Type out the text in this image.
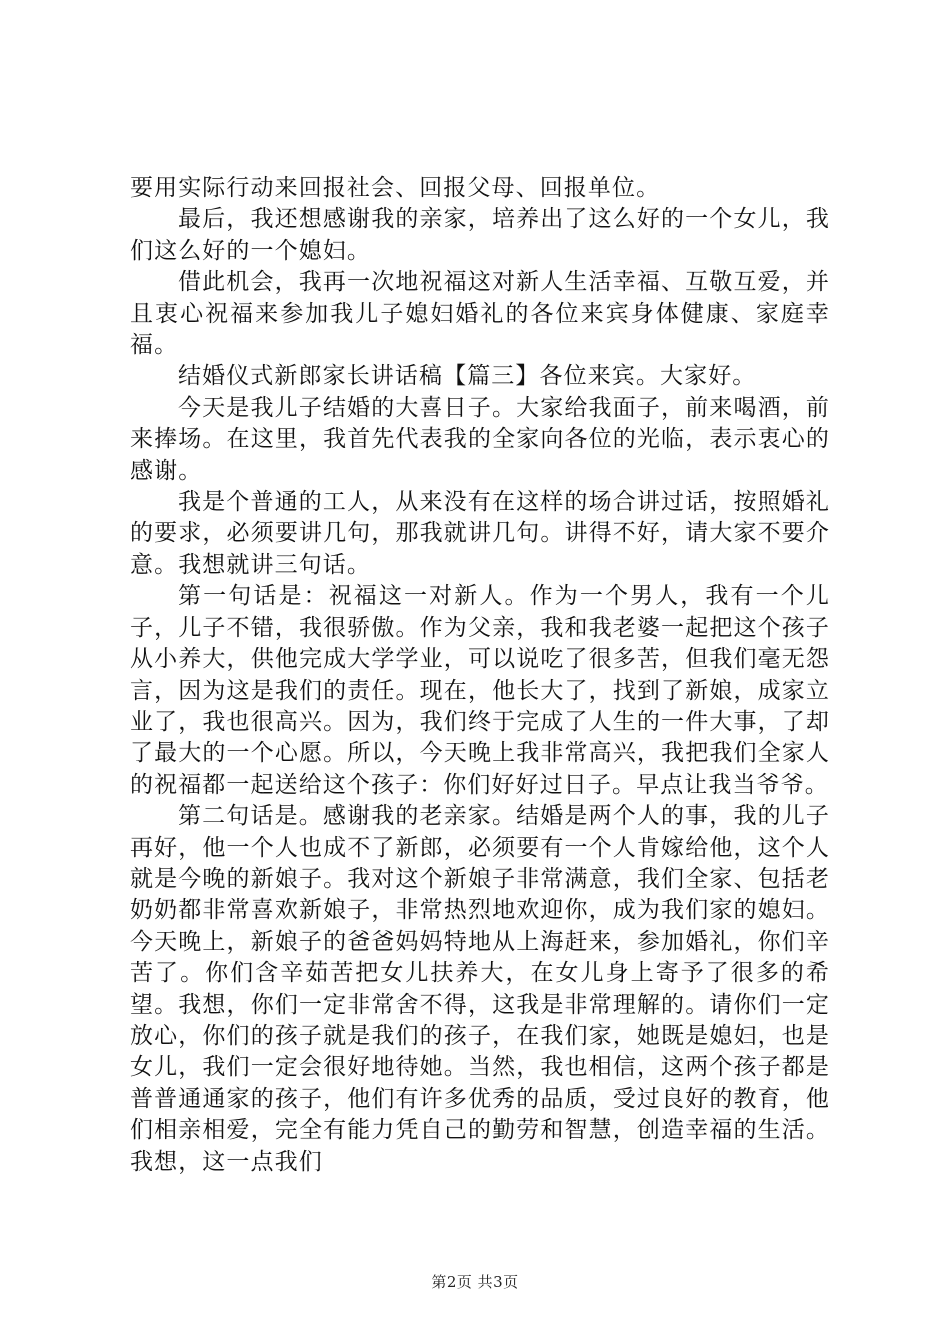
要用实际行动来回报社会、回报父母、回报单位。

最后，我还想感谢我的亲家，培养出了这么好的一个女儿，我们这么好的一个媳妇。

借此机会，我再一次地祝福这对新人生活幸福、互敬互爱，并且衷心祝福来参加我儿子媳妇婚礼的各位来宾身体健康、家庭幸福。

结婚仪式新郎家长讲话稿【篇三】各位来宾。大家好。

今天是我儿子结婚的大喜日子。大家给我面子，前来喝酒，前来捧场。在这里，我首先代表我的全家向各位的光临，表示衷心的感谢。

我是个普通的工人，从来没有在这样的场合讲过话，按照婚礼的要求，必须要讲几句，那我就讲几句。讲得不好，请大家不要介意。我想就讲三句话。

第一句话是：祝福这一对新人。作为一个男人，我有一个儿子，儿子不错，我很骄傲。作为父亲，我和我老婆一起把这个孩子从小养大，供他完成大学学业，可以说吃了很多苦，但我们毫无怨言，因为这是我们的责任。现在，他长大了，找到了新娘，成家立业了，我也很高兴。因为，我们终于完成了人生的一件大事，了却了最大的一个心愿。所以，今天晚上我非常高兴，我把我们全家人的祝福都一起送给这个孩子：你们好好过日子。早点让我当爷爷。

第二句话是。感谢我的老亲家。结婚是两个人的事，我的儿子再好，他一个人也成不了新郎，必须要有一个人肯嫁给他，这个人就是今晚的新娘子。我对这个新娘子非常满意，我们全家、包括老奶奶都非常喜欢新娘子，非常热烈地欢迎你，成为我们家的媳妇。今天晚上，新娘子的爸爸妈妈特地从上海赶来，参加婚礼，你们辛苦了。你们含辛茹苦把女儿扶养大，在女儿身上寄予了很多的希望。我想，你们一定非常舍不得，这我是非常理解的。请你们一定放心，你们的孩子就是我们的孩子，在我们家，她既是媳妇，也是女儿，我们一定会很好地待她。当然，我也相信，这两个孩子都是普普通通家的孩子，他们有许多优秀的品质，受过良好的教育，他们相亲相爱，完全有能力凭自己的勤劳和智慧，创造幸福的生活。我想，这一点我们

第2页 共3页
